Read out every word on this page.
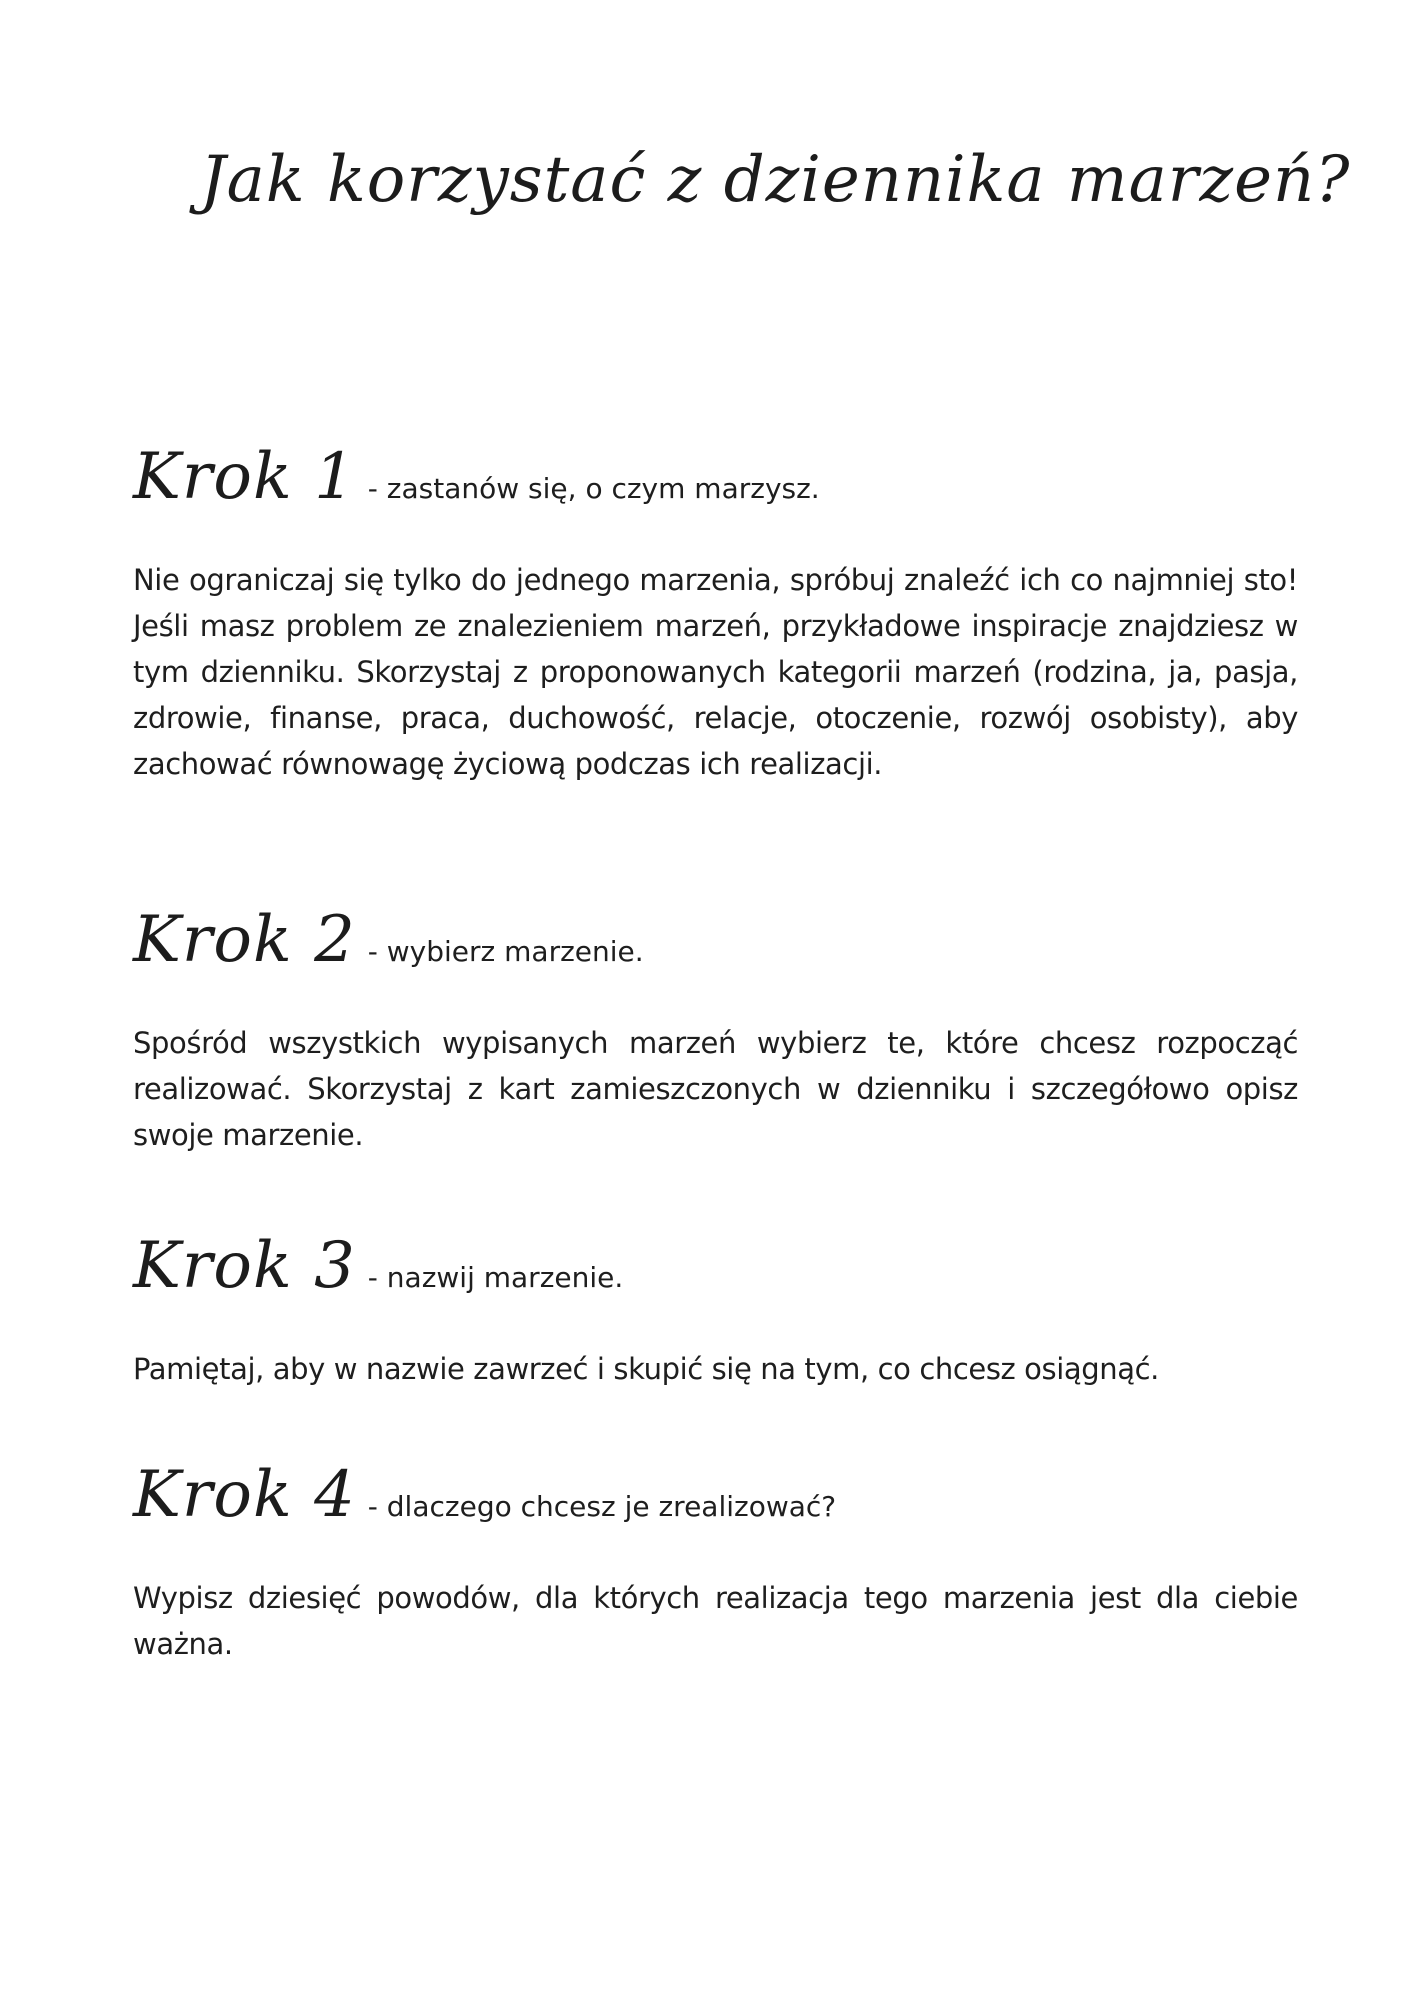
Jak korzystać z dziennika marzeń?

Krok 1 - zastanów się, o czym marzysz.

Nie ograniczaj się tylko do jednego marzenia, spróbuj znaleźć ich co najmniej sto! Jeśli masz problem ze znalezieniem marzeń, przykładowe inspiracje znajdziesz w tym dzienniku. Skorzystaj z proponowanych kategorii marzeń (rodzina, ja, pasja, zdrowie, finanse, praca, duchowość, relacje, otoczenie, rozwój osobisty), aby zachować równowagę życiową podczas ich realizacji.

Krok 2 - wybierz marzenie.

Spośród wszystkich wypisanych marzeń wybierz te, które chcesz rozpocząć realizować. Skorzystaj z kart zamieszczonych w dzienniku i szczegółowo opisz swoje marzenie.

Krok 3 - nazwij marzenie.

Pamiętaj, aby w nazwie zawrzeć i skupić się na tym, co chcesz osiągnąć.

Krok 4 - dlaczego chcesz je zrealizować?

Wypisz dziesięć powodów, dla których realizacja tego marzenia jest dla ciebie ważna.
